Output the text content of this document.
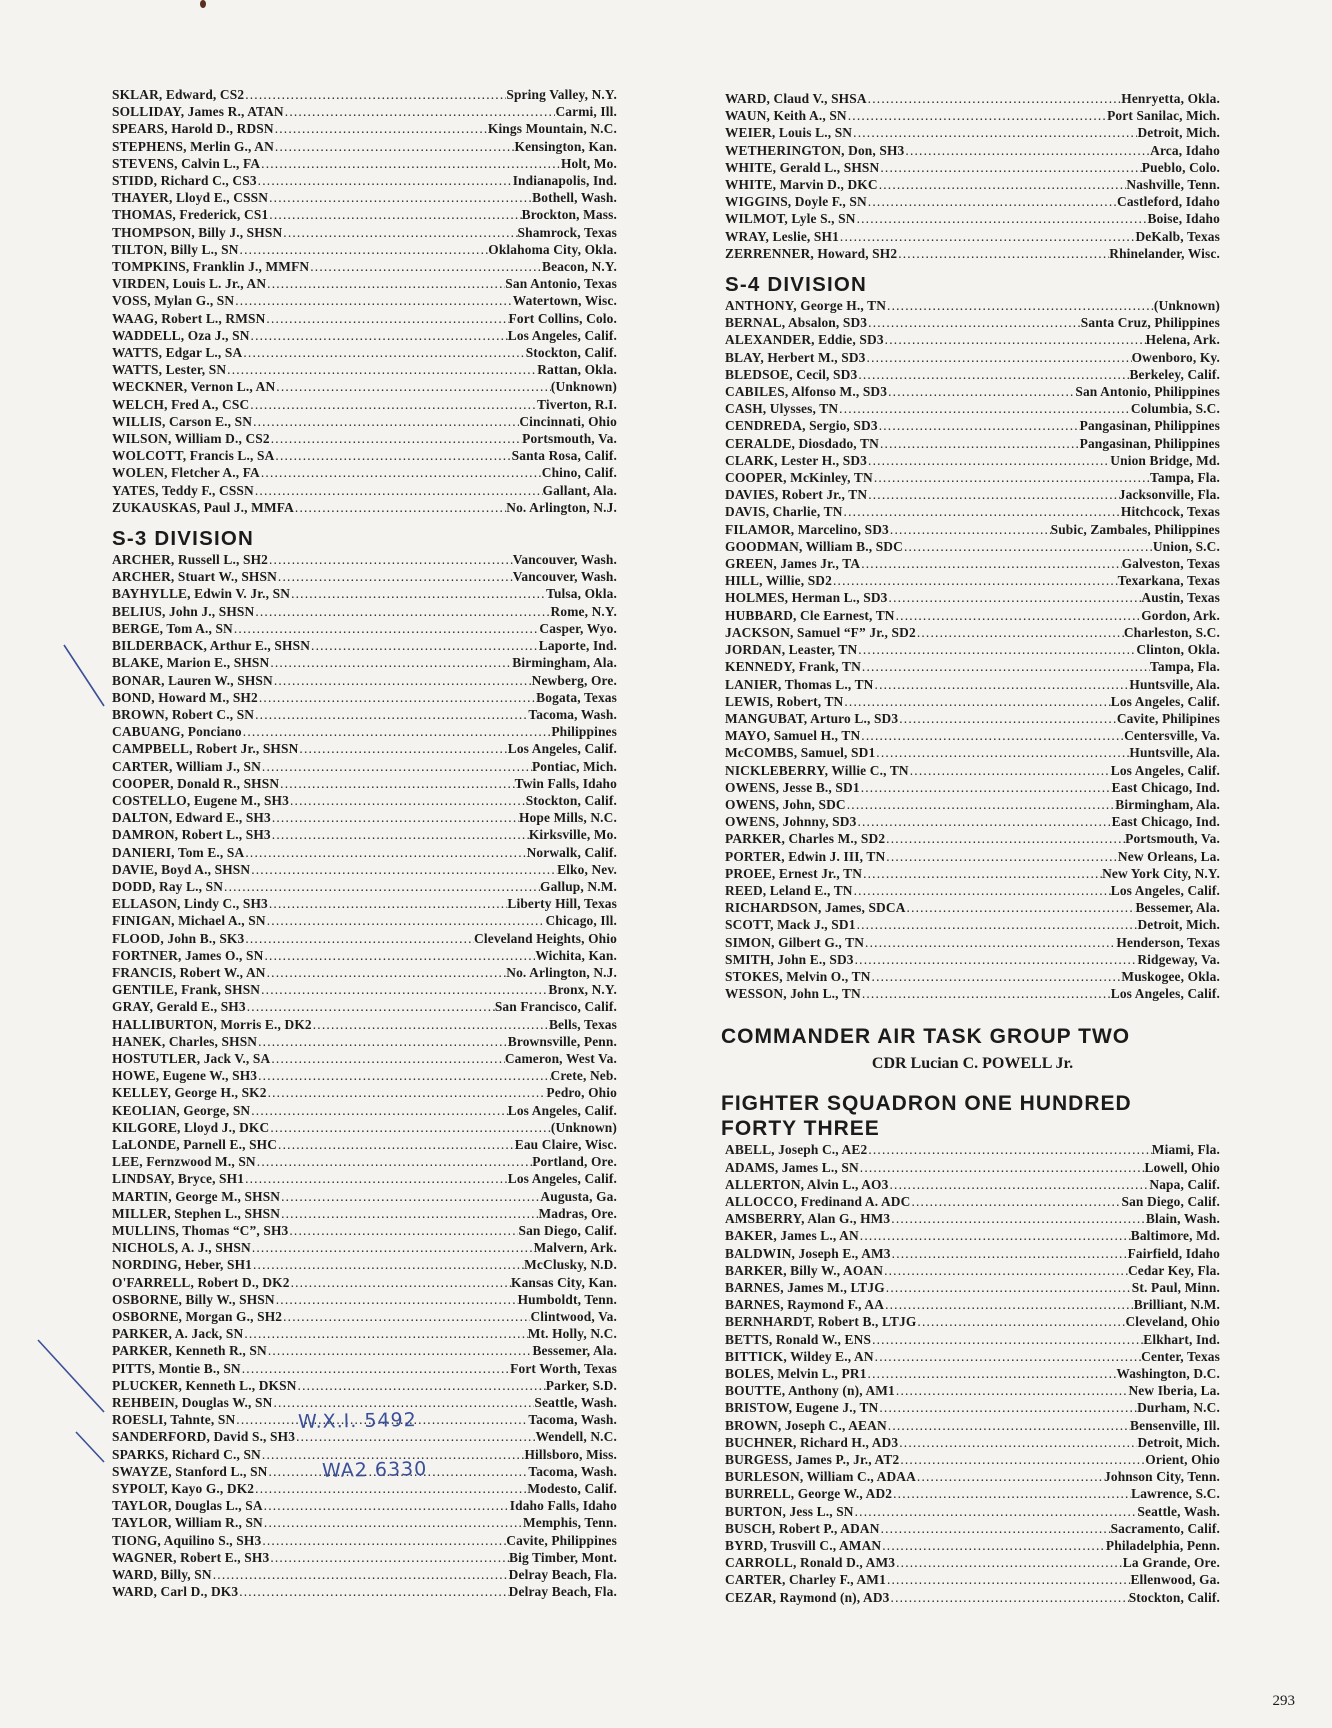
SKLAR, Edward, CS2 .....	Spring Valley, N.Y.
SOLLIDAY, James R., ATAN .....	Carmi, Ill.
SPEARS, Harold D., RDSN .....	Kings Mountain, N.C.
STEPHENS, Merlin G., AN .....	Kensington, Kan.
STEVENS, Calvin L., FA .....	Holt, Mo.
STIDD, Richard C., CS3 .....	Indianapolis, Ind.
THAYER, Lloyd E., CSSN .....	Bothell, Wash.
THOMAS, Frederick, CS1 .....	Brockton, Mass.
THOMPSON, Billy J., SHSN .....	Shamrock, Texas
TILTON, Billy L., SN .....	Oklahoma City, Okla.
TOMPKINS, Franklin J., MMFN .....	Beacon, N.Y.
VIRDEN, Louis L. Jr., AN .....	San Antonio, Texas
VOSS, Mylan G., SN .....	Watertown, Wisc.
WAAG, Robert L., RMSN .....	Fort Collins, Colo.
WADDELL, Oza J., SN .....	Los Angeles, Calif.
WATTS, Edgar L., SA .....	Stockton, Calif.
WATTS, Lester, SN .....	Rattan, Okla.
WECKNER, Vernon L., AN .....	(Unknown)
WELCH, Fred A., CSC .....	Tiverton, R.I.
WILLIS, Carson E., SN .....	Cincinnati, Ohio
WILSON, William D., CS2 .....	Portsmouth, Va.
WOLCOTT, Francis L., SA .....	Santa Rosa, Calif.
WOLEN, Fletcher A., FA .....	Chino, Calif.
YATES, Teddy F., CSSN .....	Gallant, Ala.
ZUKAUSKAS, Paul J., MMFA .....	No. Arlington, N.J.
S-3 DIVISION
ARCHER, Russell L., SH2 .....	Vancouver, Wash.
ARCHER, Stuart W., SHSN .....	Vancouver, Wash.
BAYHYLLE, Edwin V. Jr., SN .....	Tulsa, Okla.
BELIUS, John J., SHSN .....	Rome, N.Y.
BERGE, Tom A., SN .....	Casper, Wyo.
BILDERBACK, Arthur E., SHSN .....	Laporte, Ind.
BLAKE, Marion E., SHSN .....	Birmingham, Ala.
BONAR, Lauren W., SHSN .....	Newberg, Ore.
BOND, Howard M., SH2 .....	Bogata, Texas
BROWN, Robert C., SN .....	Tacoma, Wash.
CABUANG, Ponciano .....	Philippines
CAMPBELL, Robert Jr., SHSN .....	Los Angeles, Calif.
CARTER, William J., SN .....	Pontiac, Mich.
COOPER, Donald R., SHSN .....	Twin Falls, Idaho
COSTELLO, Eugene M., SH3 .....	Stockton, Calif.
DALTON, Edward E., SH3 .....	Hope Mills, N.C.
DAMRON, Robert L., SH3 .....	Kirksville, Mo.
DANIERI, Tom E., SA .....	Norwalk, Calif.
DAVIE, Boyd A., SHSN .....	Elko, Nev.
DODD, Ray L., SN .....	Gallup, N.M.
ELLASON, Lindy C., SH3 .....	Liberty Hill, Texas
FINIGAN, Michael A., SN .....	Chicago, Ill.
FLOOD, John B., SK3 .....	Cleveland Heights, Ohio
FORTNER, James O., SN .....	Wichita, Kan.
FRANCIS, Robert W., AN .....	No. Arlington, N.J.
GENTILE, Frank, SHSN .....	Bronx, N.Y.
GRAY, Gerald E., SH3 .....	San Francisco, Calif.
HALLIBURTON, Morris E., DK2 .....	Bells, Texas
HANEK, Charles, SHSN .....	Brownsville, Penn.
HOSTUTLER, Jack V., SA .....	Cameron, West Va.
HOWE, Eugene W., SH3 .....	Crete, Neb.
KELLEY, George H., SK2 .....	Pedro, Ohio
KEOLIAN, George, SN .....	Los Angeles, Calif.
KILGORE, Lloyd J., DKC .....	(Unknown)
LaLONDE, Parnell E., SHC .....	Eau Claire, Wisc.
LEE, Fernzwood M., SN .....	Portland, Ore.
LINDSAY, Bryce, SH1 .....	Los Angeles, Calif.
MARTIN, George M., SHSN .....	Augusta, Ga.
MILLER, Stephen L., SHSN .....	Madras, Ore.
MULLINS, Thomas “C”, SH3 .....	San Diego, Calif.
NICHOLS, A. J., SHSN .....	Malvern, Ark.
NORDING, Heber, SH1 .....	McClusky, N.D.
O'FARRELL, Robert D., DK2 .....	Kansas City, Kan.
OSBORNE, Billy W., SHSN .....	Humboldt, Tenn.
OSBORNE, Morgan G., SH2 .....	Clintwood, Va.
PARKER, A. Jack, SN .....	Mt. Holly, N.C.
PARKER, Kenneth R., SN .....	Bessemer, Ala.
PITTS, Montie B., SN .....	Fort Worth, Texas
PLUCKER, Kenneth L., DKSN .....	Parker, S.D.
REHBEIN, Douglas W., SN .....	Seattle, Wash.
ROESLI, Tahnte, SN .....	Tacoma, Wash.
SANDERFORD, David S., SH3 .....	Wendell, N.C.
SPARKS, Richard C., SN .....	Hillsboro, Miss.
SWAYZE, Stanford L., SN .....	Tacoma, Wash.
SYPOLT, Kayo G., DK2 .....	Modesto, Calif.
TAYLOR, Douglas L., SA .....	Idaho Falls, Idaho
TAYLOR, William R., SN .....	Memphis, Tenn.
TIONG, Aquilino S., SH3 .....	Cavite, Philippines
WAGNER, Robert E., SH3 .....	Big Timber, Mont.
WARD, Billy, SN .....	Delray Beach, Fla.
WARD, Carl D., DK3 .....	Delray Beach, Fla.
WARD, Claud V., SHSA .....	Henryetta, Okla.
WAUN, Keith A., SN .....	Port Sanilac, Mich.
WEIER, Louis L., SN .....	Detroit, Mich.
WETHERINGTON, Don, SH3 .....	Arca, Idaho
WHITE, Gerald L., SHSN .....	Pueblo, Colo.
WHITE, Marvin D., DKC .....	Nashville, Tenn.
WIGGINS, Doyle F., SN .....	Castleford, Idaho
WILMOT, Lyle S., SN .....	Boise, Idaho
WRAY, Leslie, SH1 .....	DeKalb, Texas
ZERRENNER, Howard, SH2 .....	Rhinelander, Wisc.
S-4 DIVISION
ANTHONY, George H., TN .....	(Unknown)
BERNAL, Absalon, SD3 .....	Santa Cruz, Philippines
ALEXANDER, Eddie, SD3 .....	Helena, Ark.
BLAY, Herbert M., SD3 .....	Owenboro, Ky.
BLEDSOE, Cecil, SD3 .....	Berkeley, Calif.
CABILES, Alfonso M., SD3 .....	San Antonio, Philippines
CASH, Ulysses, TN .....	Columbia, S.C.
CENDREDA, Sergio, SD3 .....	Pangasinan, Philippines
CERALDE, Diosdado, TN .....	Pangasinan, Philippines
CLARK, Lester H., SD3 .....	Union Bridge, Md.
COOPER, McKinley, TN .....	Tampa, Fla.
DAVIES, Robert Jr., TN .....	Jacksonville, Fla.
DAVIS, Charlie, TN .....	Hitchcock, Texas
FILAMOR, Marcelino, SD3 .....	Subic, Zambales, Philippines
GOODMAN, William B., SDC .....	Union, S.C.
GREEN, James Jr., TA .....	Galveston, Texas
HILL, Willie, SD2 .....	Texarkana, Texas
HOLMES, Herman L., SD3 .....	Austin, Texas
HUBBARD, Cle Earnest, TN .....	Gordon, Ark.
JACKSON, Samuel “F” Jr., SD2 .....	Charleston, S.C.
JORDAN, Leaster, TN .....	Clinton, Okla.
KENNEDY, Frank, TN .....	Tampa, Fla.
LANIER, Thomas L., TN .....	Huntsville, Ala.
LEWIS, Robert, TN .....	Los Angeles, Calif.
MANGUBAT, Arturo L., SD3 .....	Cavite, Philipines
MAYO, Samuel H., TN .....	Centersville, Va.
McCOMBS, Samuel, SD1 .....	Huntsville, Ala.
NICKLEBERRY, Willie C., TN .....	Los Angeles, Calif.
OWENS, Jesse B., SD1 .....	East Chicago, Ind.
OWENS, John, SDC .....	Birmingham, Ala.
OWENS, Johnny, SD3 .....	East Chicago, Ind.
PARKER, Charles M., SD2 .....	Portsmouth, Va.
PORTER, Edwin J. III, TN .....	New Orleans, La.
PROEE, Ernest Jr., TN .....	New York City, N.Y.
REED, Leland E., TN .....	Los Angeles, Calif.
RICHARDSON, James, SDCA .....	Bessemer, Ala.
SCOTT, Mack J., SD1 .....	Detroit, Mich.
SIMON, Gilbert G., TN .....	Henderson, Texas
SMITH, John E., SD3 .....	Ridgeway, Va.
STOKES, Melvin O., TN .....	Muskogee, Okla.
WESSON, John L., TN .....	Los Angeles, Calif.
COMMANDER AIR TASK GROUP TWO
CDR Lucian C. POWELL Jr.
FIGHTER SQUADRON ONE HUNDRED
FORTY THREE
ABELL, Joseph C., AE2 .....	Miami, Fla.
ADAMS, James L., SN .....	Lowell, Ohio
ALLERTON, Alvin L., AO3 .....	Napa, Calif.
ALLOCCO, Fredinand A. ADC .....	San Diego, Calif.
AMSBERRY, Alan G., HM3 .....	Blain, Wash.
BAKER, James L., AN .....	Baltimore, Md.
BALDWIN, Joseph E., AM3 .....	Fairfield, Idaho
BARKER, Billy W., AOAN .....	Cedar Key, Fla.
BARNES, James M., LTJG .....	St. Paul, Minn.
BARNES, Raymond F., AA .....	Brilliant, N.M.
BERNHARDT, Robert B., LTJG .....	Cleveland, Ohio
BETTS, Ronald W., ENS .....	Elkhart, Ind.
BITTICK, Wildey E., AN .....	Center, Texas
BOLES, Melvin L., PR1 .....	Washington, D.C.
BOUTTE, Anthony (n), AM1 .....	New Iberia, La.
BRISTOW, Eugene J., TN .....	Durham, N.C.
BROWN, Joseph C., AEAN .....	Bensenville, Ill.
BUCHNER, Richard H., AD3 .....	Detroit, Mich.
BURGESS, James P., Jr., AT2 .....	Orient, Ohio
BURLESON, William C., ADAA .....	Johnson City, Tenn.
BURRELL, George W., AD2 .....	Lawrence, S.C.
BURTON, Jess L., SN .....	Seattle, Wash.
BUSCH, Robert P., ADAN .....	Sacramento, Calif.
BYRD, Trusvill C., AMAN .....	Philadelphia, Penn.
CARROLL, Ronald D., AM3 .....	La Grande, Ore.
CARTER, Charley F., AM1 .....	Ellenwood, Ga.
CEZAR, Raymond (n), AD3 .....	Stockton, Calif.
W.X.I. 5492
WA2 6330
293
